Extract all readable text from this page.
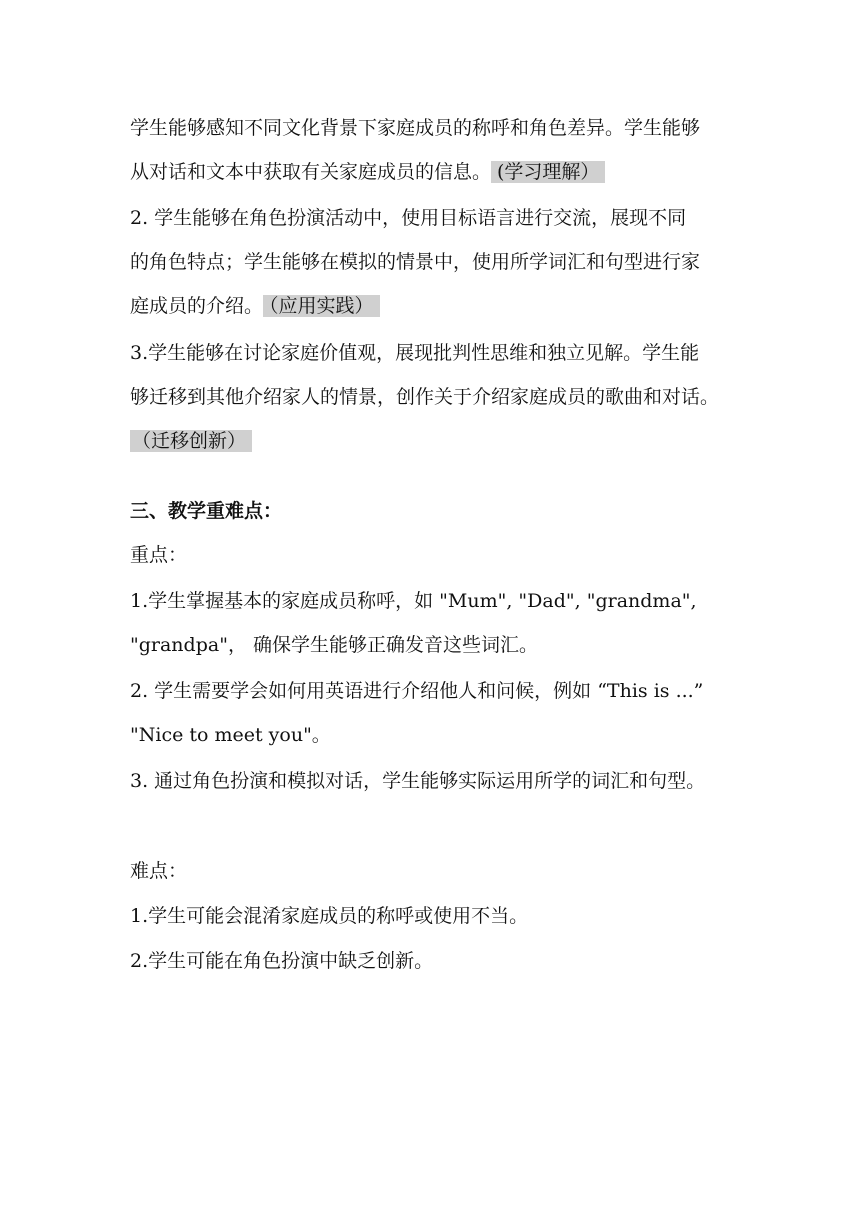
学生能够感知不同文化背景下家庭成员的称呼和角色差异。学生能够
从对话和文本中获取有关家庭成员的信息。 (学习理解）
2. 学生能够在角色扮演活动中，使用目标语言进行交流，展现不同
的角色特点；学生能够在模拟的情景中，使用所学词汇和句型进行家
庭成员的介绍。 （应用实践）
3.学生能够在讨论家庭价值观，展现批判性思维和独立见解。学生能
够迁移到其他介绍家人的情景，创作关于介绍家庭成员的歌曲和对话。
（迁移创新）
三、教学重难点：
重点：
1.学生掌握基本的家庭成员称呼，如 "Mum", "Dad", "grandma",
"grandpa"， 确保学生能够正确发音这些词汇。
2. 学生需要学会如何用英语进行介绍他人和问候，例如 “This is ...”
"Nice to meet you"。
3. 通过角色扮演和模拟对话，学生能够实际运用所学的词汇和句型。
难点：
1.学生可能会混淆家庭成员的称呼或使用不当。
2.学生可能在角色扮演中缺乏创新。
